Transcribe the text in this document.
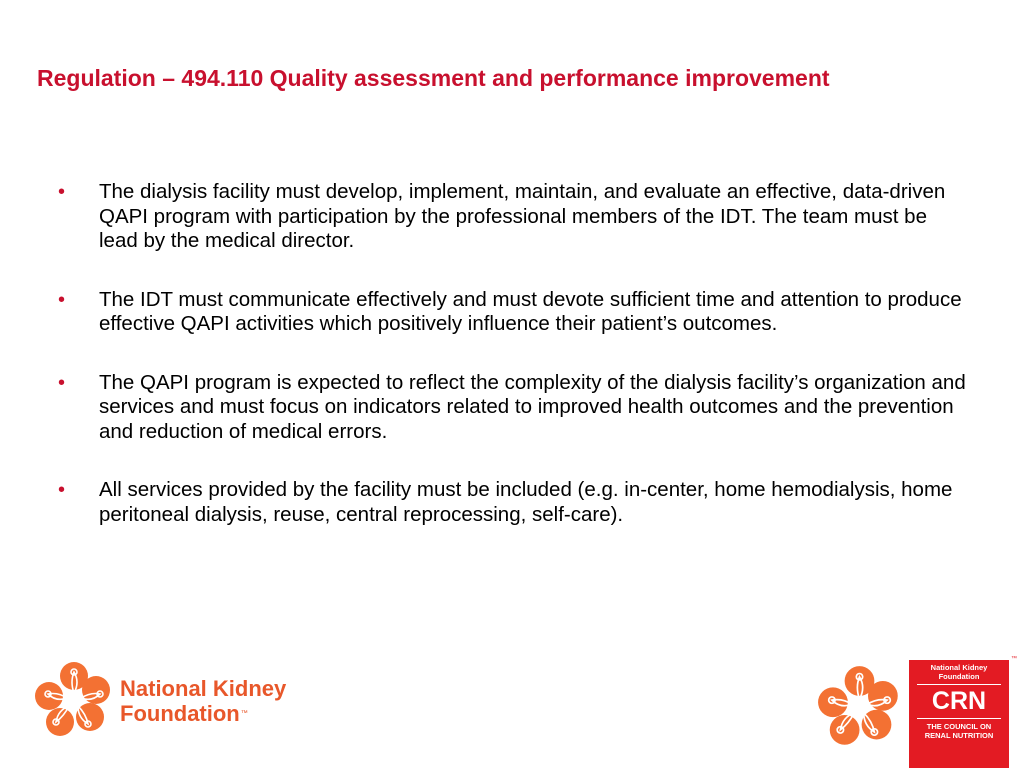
Regulation – 494.110 Quality assessment and performance improvement
• The dialysis facility must develop, implement, maintain, and evaluate an effective, data-driven QAPI program with participation by the professional members of the IDT. The team must be lead by the medical director.
• The IDT must communicate effectively and must devote sufficient time and attention to produce effective QAPI activities which positively influence their patient’s outcomes.
• The QAPI program is expected to reflect the complexity of the dialysis facility’s organization and services and must focus on indicators related to improved health outcomes and the prevention and reduction of medical errors.
• All services provided by the facility must be included (e.g. in-center, home hemodialysis, home peritoneal dialysis, reuse, central reprocessing, self-care).
National Kidney
Foundation™
National Kidney
Foundation
CRN
THE COUNCIL ON
RENAL NUTRITION
™
